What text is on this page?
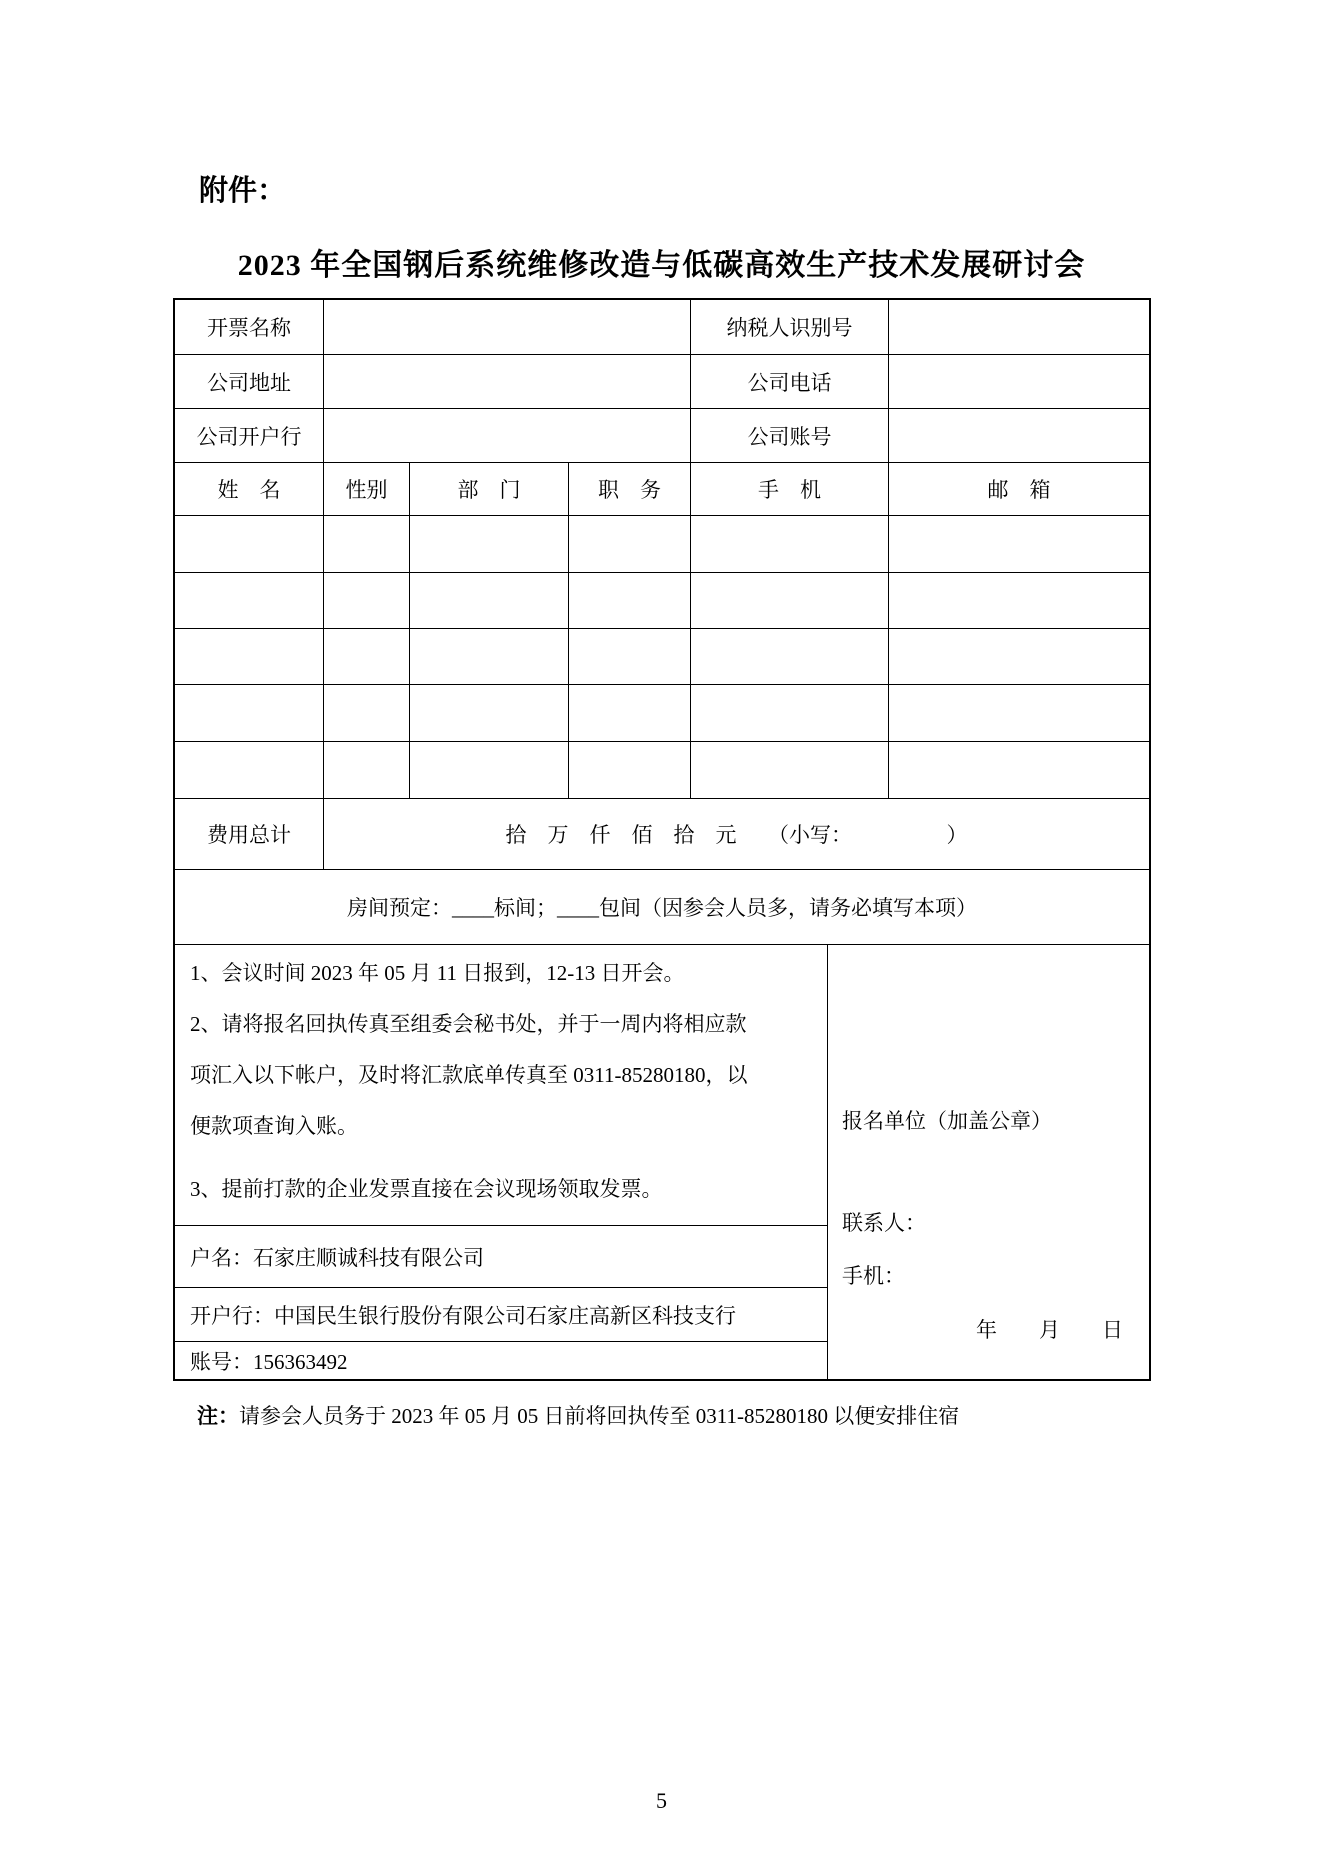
附件：
2023 年全国钢后系统维修改造与低碳高效生产技术发展研讨会
开票名称	纳税人识别号
公司地址	公司电话
公司开户行	公司账号
姓　名	性别	部　门	职　务	手　机	邮　箱
费用总计	拾　万　仟　佰　拾　元　　（小写：　　　　　）
房间预定：____标间；____包间（因参会人员多，请务必填写本项）

1、会议时间 2023 年 05 月 11 日报到，12-13 日开会。

2、请将报名回执传真至组委会秘书处，并于一周内将相应款

项汇入以下帐户，及时将汇款底单传真至 0311-85280180，以

便款项查询入账。

3、提前打款的企业发票直接在会议现场领取发票。

户名：石家庄顺诚科技有限公司
开户行：中国民生银行股份有限公司石家庄高新区科技支行
账号：156363492
报名单位（加盖公章）
联系人：
手机：
年　　月　　日
注：请参会人员务于 2023 年 05 月 05 日前将回执传至 0311-85280180 以便安排住宿
5
